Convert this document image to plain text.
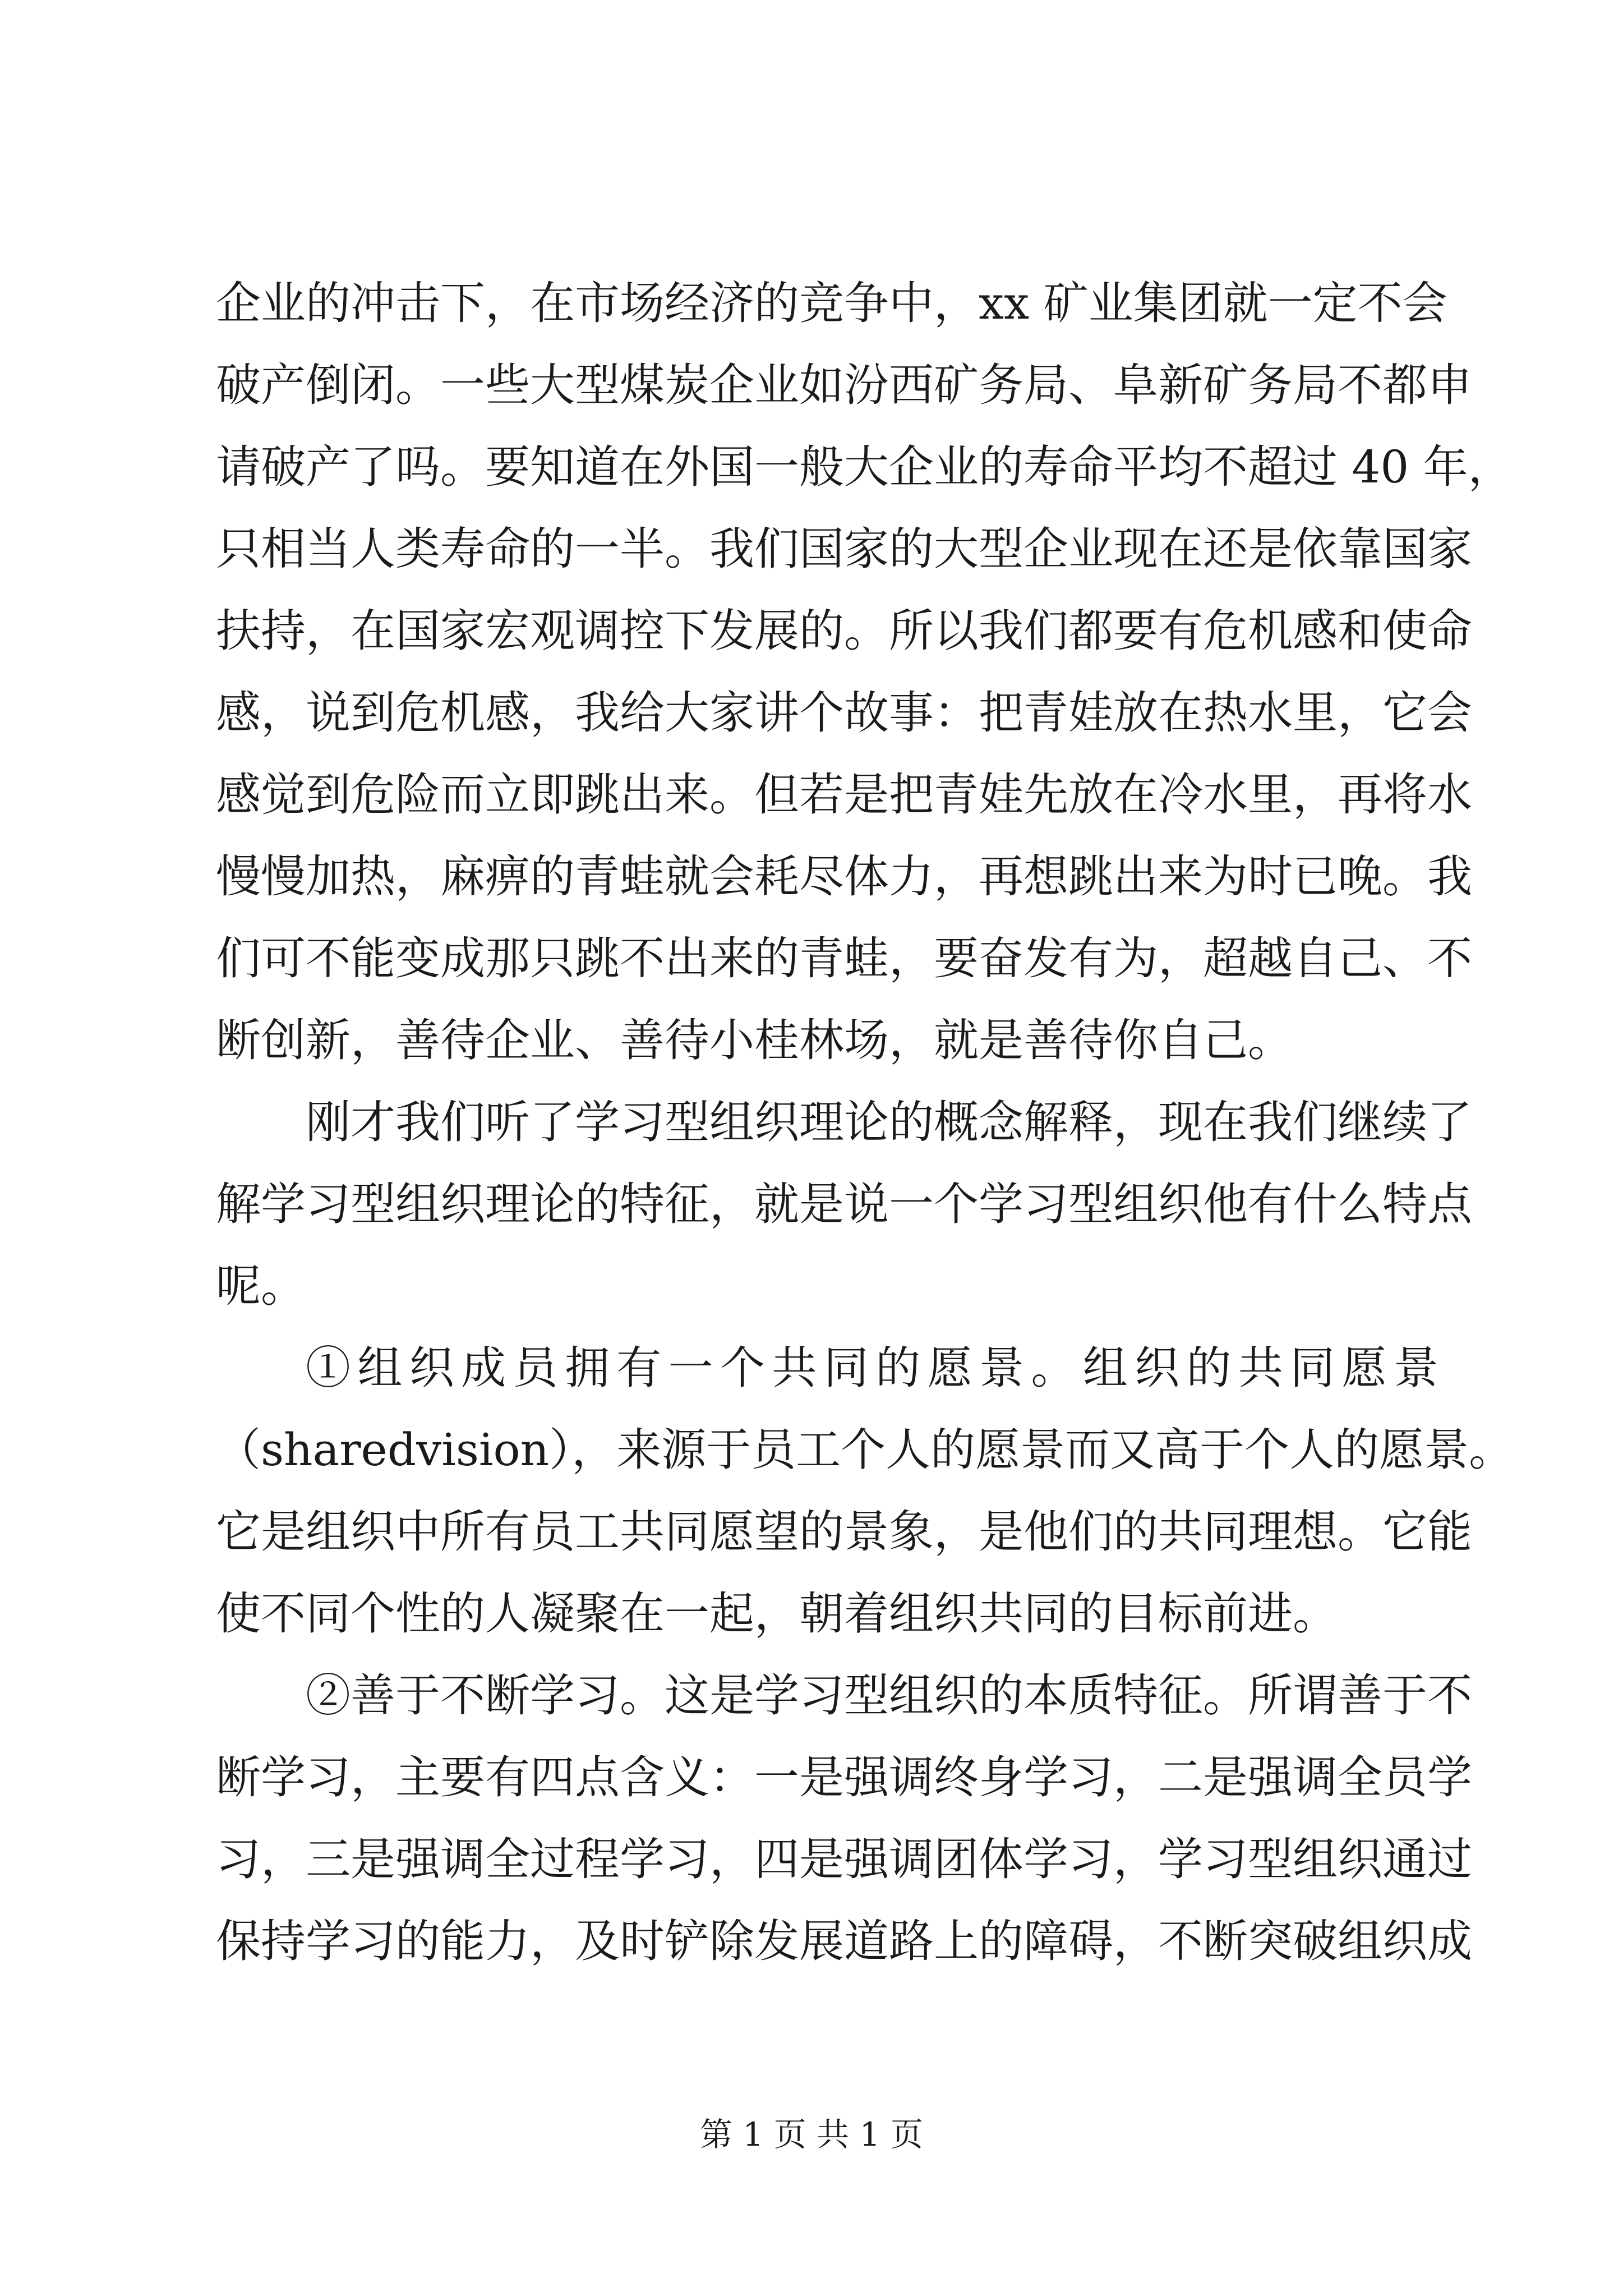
企业的冲击下，在市场经济的竞争中，xx 矿业集团就一定不会
破产倒闭。一些大型煤炭企业如汾西矿务局、阜新矿务局不都申
请破产了吗。要知道在外国一般大企业的寿命平均不超过 40 年，
只相当人类寿命的一半。我们国家的大型企业现在还是依靠国家
扶持，在国家宏观调控下发展的。所以我们都要有危机感和使命
感，说到危机感，我给大家讲个故事：把青娃放在热水里，它会
感觉到危险而立即跳出来。但若是把青娃先放在冷水里，再将水
慢慢加热，麻痹的青蛙就会耗尽体力，再想跳出来为时已晚。我
们可不能变成那只跳不出来的青蛙，要奋发有为，超越自己、不
断创新，善待企业、善待小桂林场，就是善待你自己。
刚才我们听了学习型组织理论的概念解释，现在我们继续了
解学习型组织理论的特征，就是说一个学习型组织他有什么特点
呢。
①组织成员拥有一个共同的愿景。组织的共同愿景
（sharedvision），来源于员工个人的愿景而又高于个人的愿景。
它是组织中所有员工共同愿望的景象，是他们的共同理想。它能
使不同个性的人凝聚在一起，朝着组织共同的目标前进。
②善于不断学习。这是学习型组织的本质特征。所谓善于不
断学习，主要有四点含义：一是强调终身学习，二是强调全员学
习，三是强调全过程学习，四是强调团体学习，学习型组织通过
保持学习的能力，及时铲除发展道路上的障碍，不断突破组织成
第 1 页 共 1 页
